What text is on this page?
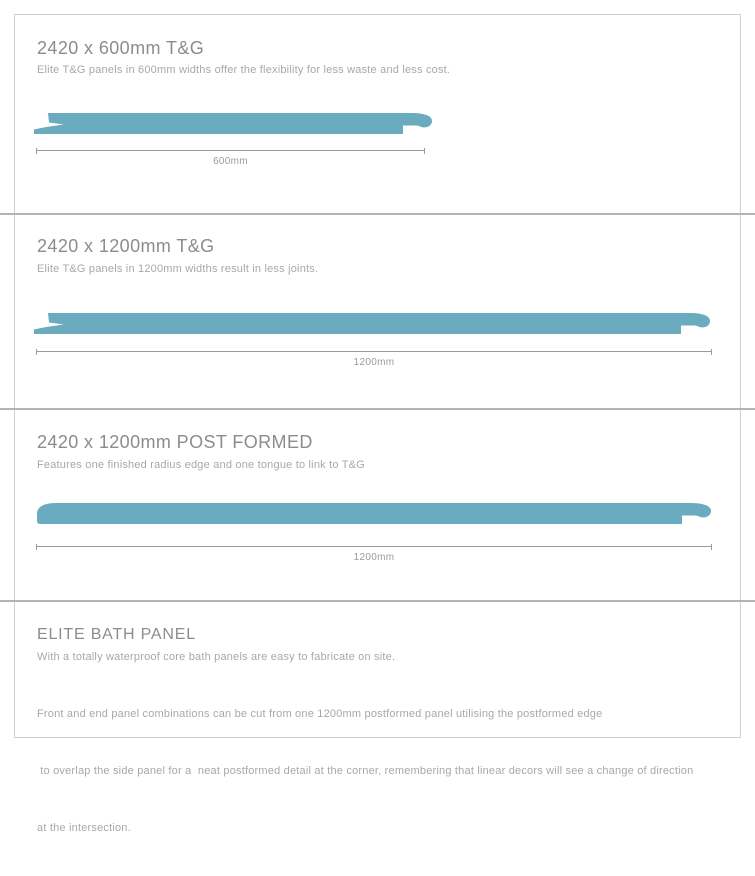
2420 x 600mm T&G
Elite T&G panels in 600mm widths offer the flexibility for less waste and less cost.
600mm
2420 x 1200mm T&G
Elite T&G panels in 1200mm widths result in less joints.
1200mm
2420 x 1200mm POST FORMED
Features one finished radius edge and one tongue to link to T&G
1200mm
ELITE BATH PANEL
With a totally waterproof core bath panels are easy to fabricate on site.

Front and end panel combinations can be cut from one 1200mm postformed panel utilising the postformed edge

to overlap the side panel for a  neat postformed detail at the corner, remembering that linear decors will see a change of direction

at the intersection.
